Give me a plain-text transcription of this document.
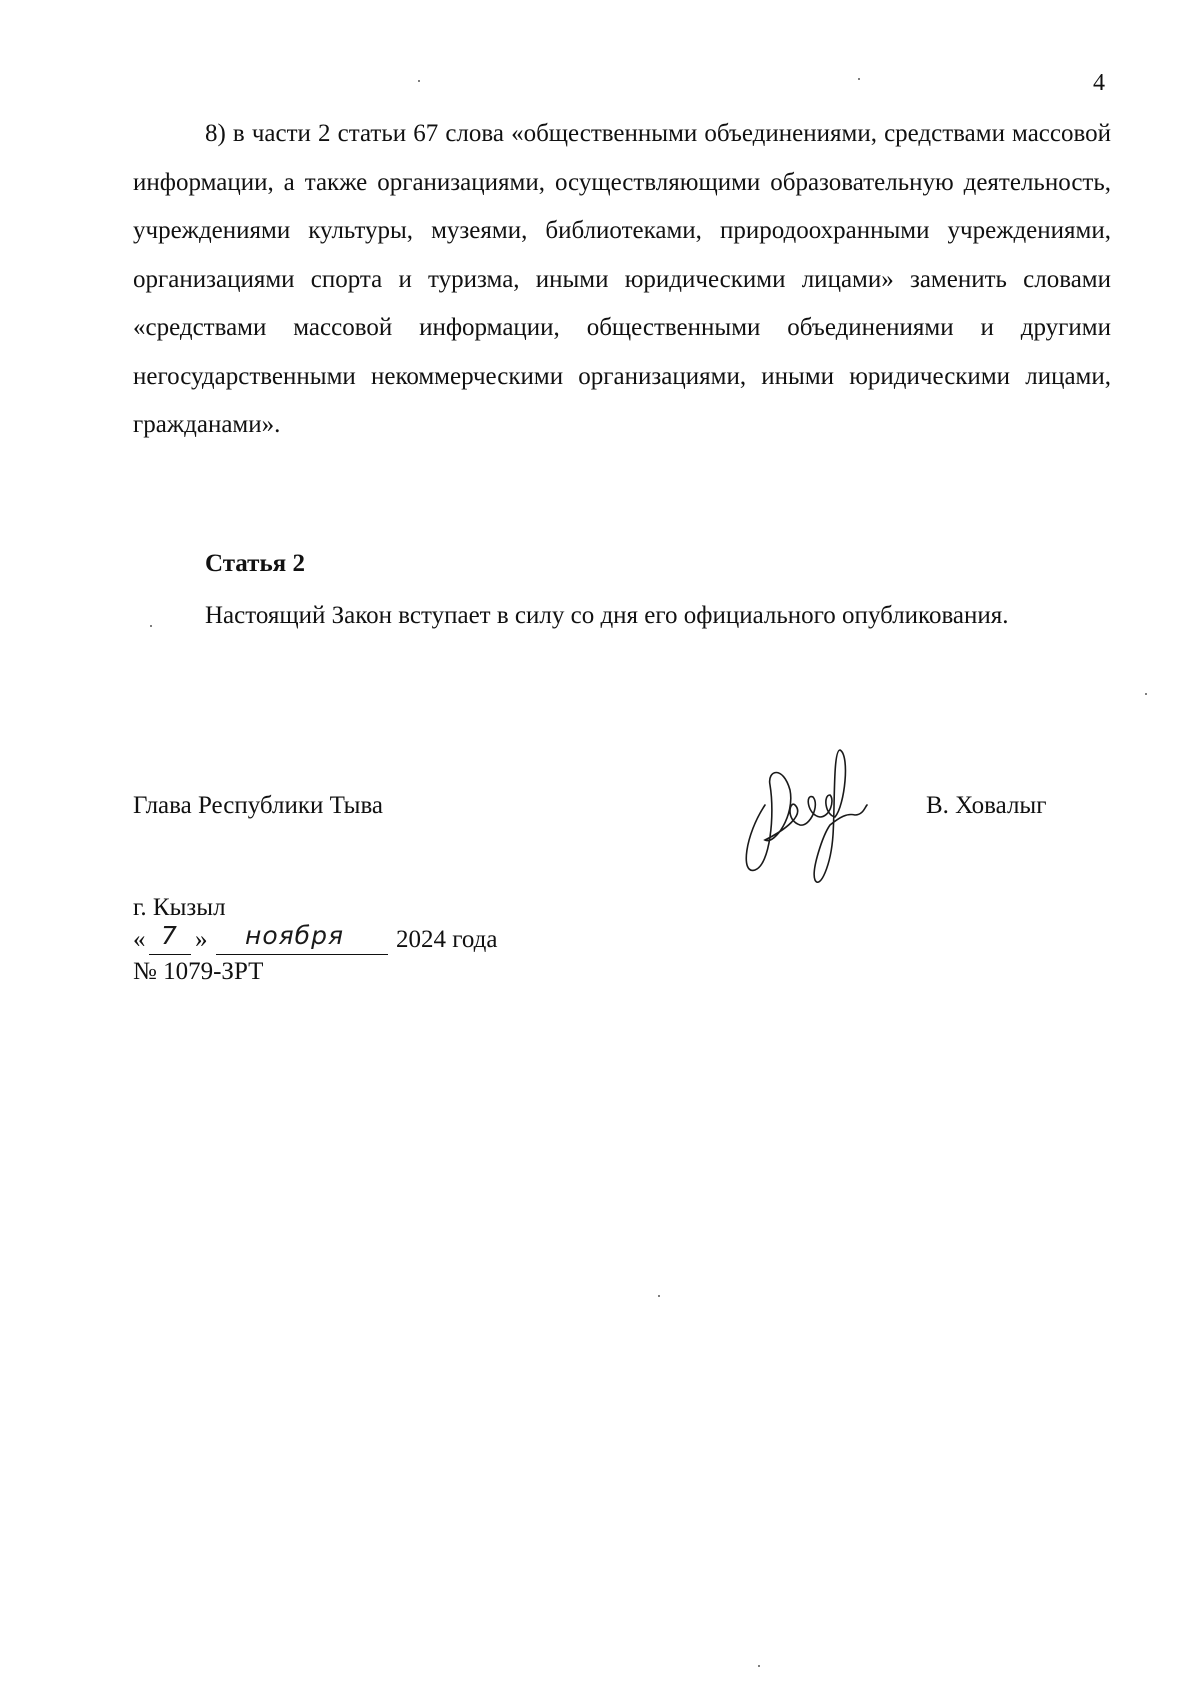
4

8) в части 2 статьи 67 слова «общественными объединениями, средствами массовой информации, а также организациями, осуществляющими образовательную деятельность, учреждениями культуры, музеями, библиотеками, природоохранными учреждениями, организациями спорта и туризма, иными юридическими лицами» заменить словами «средствами массовой информации, общественными объединениями и другими негосударственными некоммерческими организациями, иными юридическими лицами, гражданами».

Статья 2

Настоящий Закон вступает в силу со дня его официального опубликования.

Глава Республики Тыва	В. Ховалыг
г. Кызыл
« 7 » ноября 2024 года
№ 1079-ЗРТ
